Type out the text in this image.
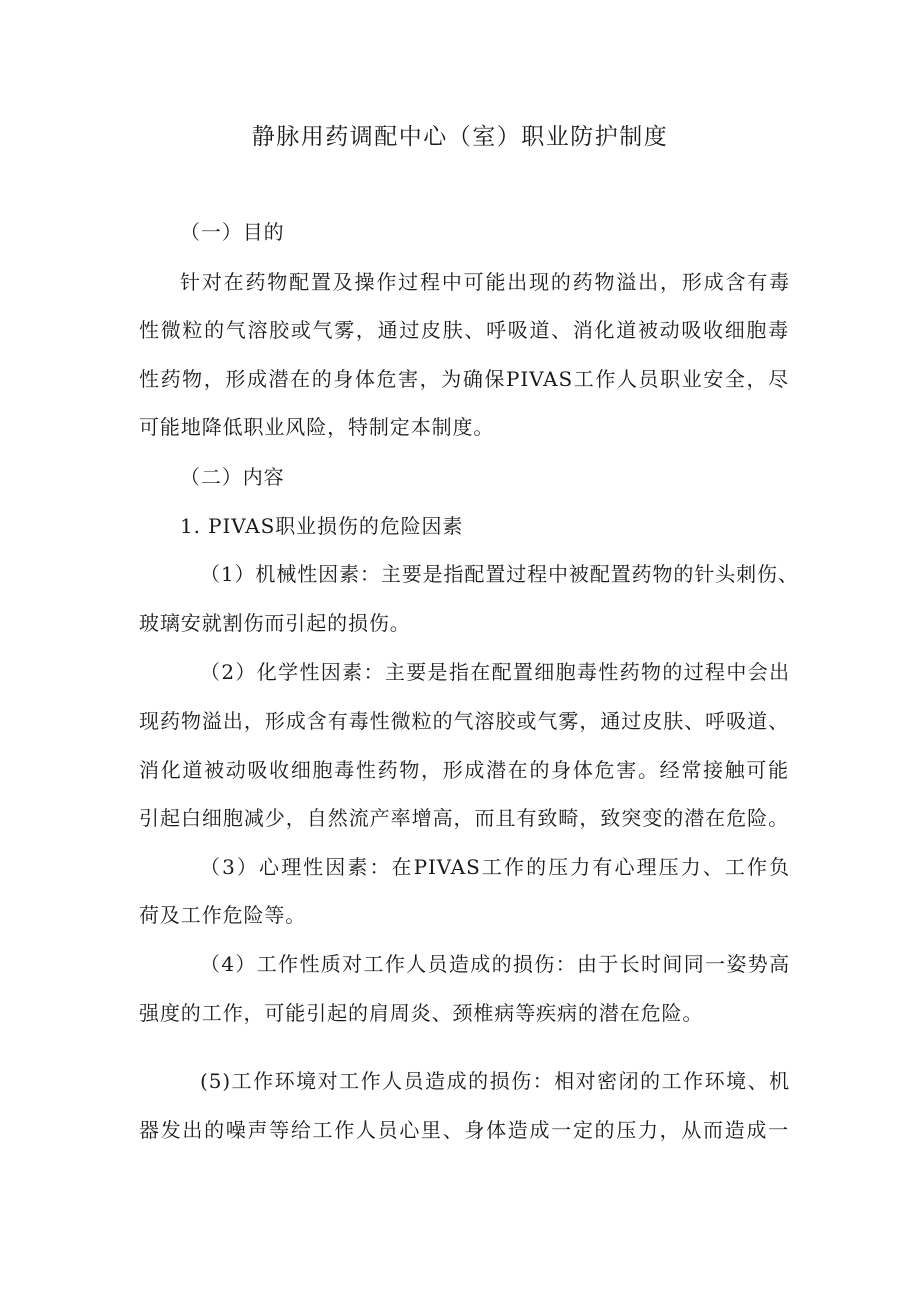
静脉用药调配中心（室）职业防护制度
（一）目的
针对在药物配置及操作过程中可能出现的药物溢出，形成含有毒
性微粒的气溶胶或气雾，通过皮肤、呼吸道、消化道被动吸收细胞毒
性药物，形成潜在的身体危害，为确保PIVAS工作人员职业安全，尽
可能地降低职业风险，特制定本制度。
（二）内容
1. PIVAS职业损伤的危险因素
（1）机械性因素：主要是指配置过程中被配置药物的针头刺伤、
玻璃安就割伤而引起的损伤。
（2）化学性因素：主要是指在配置细胞毒性药物的过程中会出
现药物溢出，形成含有毒性微粒的气溶胶或气雾，通过皮肤、呼吸道、
消化道被动吸收细胞毒性药物，形成潜在的身体危害。经常接触可能
引起白细胞减少，自然流产率增高，而且有致畸，致突变的潜在危险。
（3）心理性因素：在PIVAS工作的压力有心理压力、工作负
荷及工作危险等。
（4）工作性质对工作人员造成的损伤：由于长时间同一姿势高
强度的工作，可能引起的肩周炎、颈椎病等疾病的潜在危险。
(5)工作环境对工作人员造成的损伤：相对密闭的工作环境、机
器发出的噪声等给工作人员心里、身体造成一定的压力，从而造成一
